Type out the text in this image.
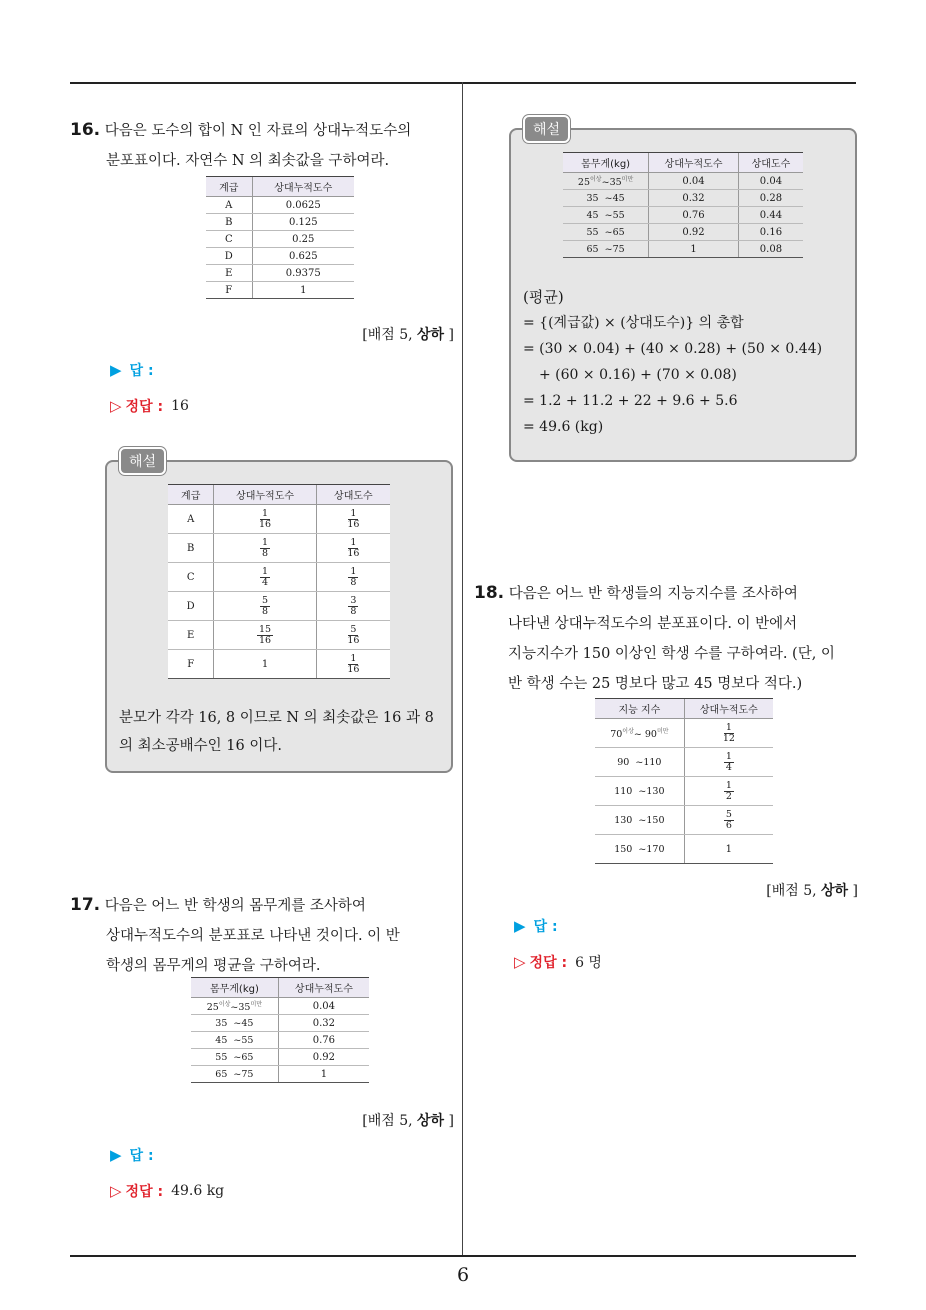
6
16. 다음은 도수의 합이 N 인 자료의 상대누적도수의
분포표이다. 자연수 N 의 최솟값을 구하여라.
계급	상대누적도수
A	0.0625
B	0.125
C	0.25
D	0.625
E	0.9375
F	1
[배점 5, 상하 ]
▶ 답 :
▷ 정답 : 16
해설
계급	상대누적도수	상대도수
A	$\frac{1}{16}$	$\frac{1}{16}$

B	$\frac{1}{8}$	$\frac{1}{16}$

C	$\frac{1}{4}$	$\frac{1}{8}$

D	$\frac{5}{8}$	$\frac{3}{8}$

E	$\frac{15}{16}$	$\frac{5}{16}$

F	1	$\frac{1}{16}$
분모가 각각 16, 8 이므로 N 의 최솟값은 16 과 8
의 최소공배수인 16 이다.
17. 다음은 어느 반 학생의 몸무게를 조사하여
상대누적도수의 분포표로 나타낸 것이다. 이 반
학생의 몸무게의 평균을 구하여라.
몸무게(kg)	상대누적도수
$25^{이상}\sim 35^{미만}$	0.04
35  ~45	0.32
45  ~55	0.76
55  ~65	0.92
65  ~75	1
[배점 5, 상하 ]
▶ 답 :
▷ 정답 : 49.6 kg
해설
몸무게(kg)	상대누적도수	상대도수
$25^{이상}\sim 35^{미만}$	0.04	0.04
35  ~45	0.32	0.28
45  ~55	0.76	0.44
55  ~65	0.92	0.16
65  ~75	1	0.08
(평균)
= {(계급값) × (상대도수)} 의 총합
= (30 × 0.04) + (40 × 0.28) + (50 × 0.44)
+ (60 × 0.16) + (70 × 0.08)
= 1.2 + 11.2 + 22 + 9.6 + 5.6
= 49.6 (kg)
18. 다음은 어느 반 학생들의 지능지수를 조사하여
나타낸 상대누적도수의 분포표이다. 이 반에서
지능지수가 150 이상인 학생 수를 구하여라. (단, 이
반 학생 수는 25 명보다 많고 45 명보다 적다.)
지능 지수	상대누적도수
$70^{이상}\sim$ $90^{미만}$	$\frac{1}{12}$

90  ~110	$\frac{1}{4}$

110  ~130	$\frac{1}{2}$

130  ~150	$\frac{5}{6}$

150  ~170	1
[배점 5, 상하 ]
▶ 답 :
▷ 정답 : 6 명
